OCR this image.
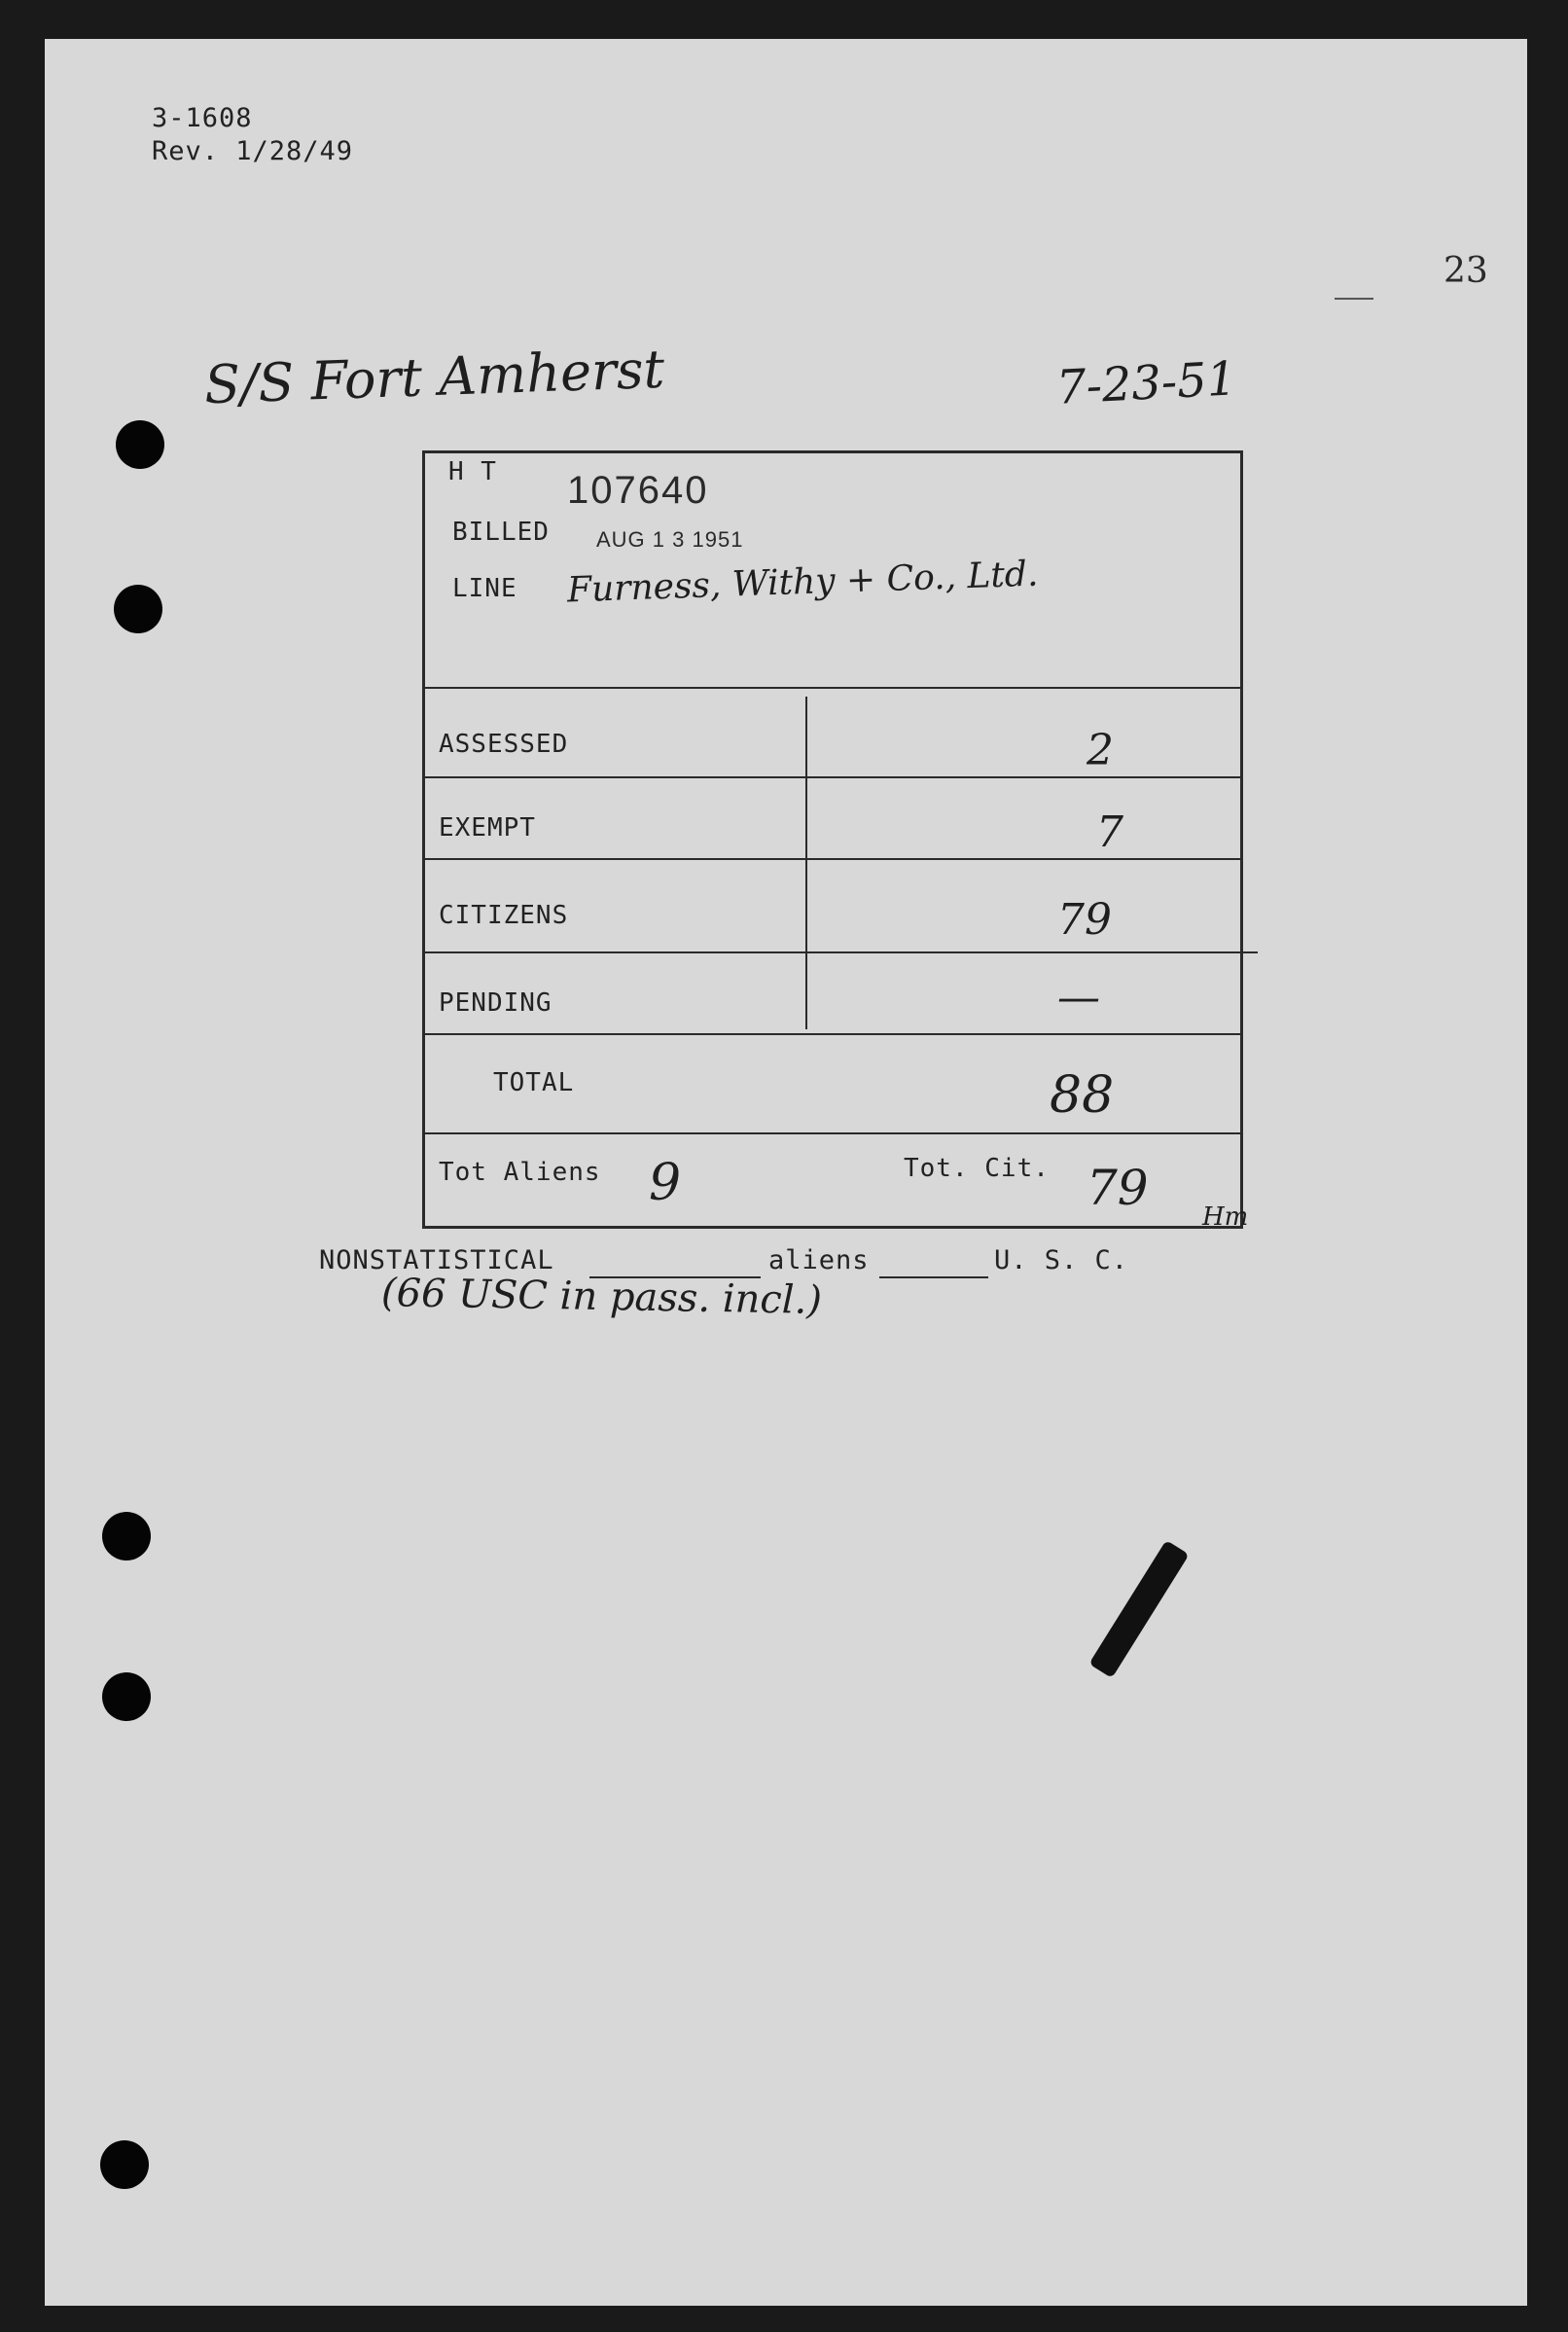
3-1608
Rev. 1/28/49
23
S/S Fort Amherst	7-23-51
H T 107640
BILLED AUG 1 3 1951
LINE Furness, Withy + Co., Ltd.
ASSESSED	2
EXEMPT	7
CITIZENS	79
PENDING	—
TOTAL	88
Tot Aliens 9	Tot. Cit. 79
Hm
NONSTATISTICAL	aliens	U. S. C.
(66 USC in pass. incl.)
